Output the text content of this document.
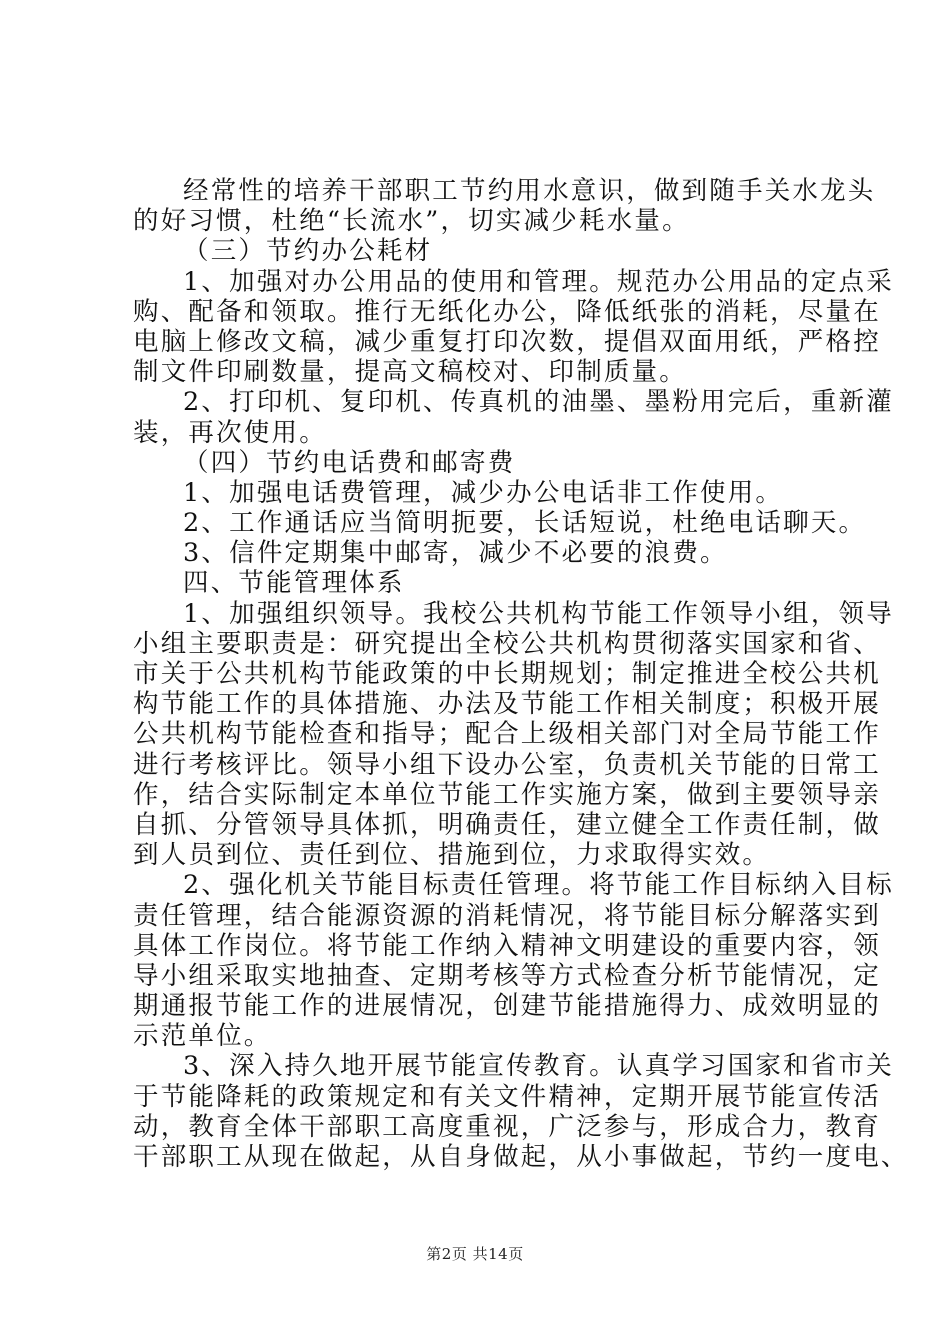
经常性的培养干部职工节约用水意识，做到随手关水龙头
的好习惯，杜绝“长流水”，切实减少耗水量。
（三）节约办公耗材
1、加强对办公用品的使用和管理。规范办公用品的定点采
购、配备和领取。推行无纸化办公，降低纸张的消耗，尽量在
电脑上修改文稿，减少重复打印次数，提倡双面用纸，严格控
制文件印刷数量，提高文稿校对、印制质量。
2、打印机、复印机、传真机的油墨、墨粉用完后，重新灌
装，再次使用。
（四）节约电话费和邮寄费
1、加强电话费管理，减少办公电话非工作使用。
2、工作通话应当简明扼要，长话短说，杜绝电话聊天。
3、信件定期集中邮寄，减少不必要的浪费。
四、节能管理体系
1、加强组织领导。我校公共机构节能工作领导小组，领导
小组主要职责是：研究提出全校公共机构贯彻落实国家和省、
市关于公共机构节能政策的中长期规划；制定推进全校公共机
构节能工作的具体措施、办法及节能工作相关制度；积极开展
公共机构节能检查和指导；配合上级相关部门对全局节能工作
进行考核评比。领导小组下设办公室，负责机关节能的日常工
作，结合实际制定本单位节能工作实施方案，做到主要领导亲
自抓、分管领导具体抓，明确责任，建立健全工作责任制，做
到人员到位、责任到位、措施到位，力求取得实效。
2、强化机关节能目标责任管理。将节能工作目标纳入目标
责任管理，结合能源资源的消耗情况，将节能目标分解落实到
具体工作岗位。将节能工作纳入精神文明建设的重要内容，领
导小组采取实地抽查、定期考核等方式检查分析节能情况，定
期通报节能工作的进展情况，创建节能措施得力、成效明显的
示范单位。
3、深入持久地开展节能宣传教育。认真学习国家和省市关
于节能降耗的政策规定和有关文件精神，定期开展节能宣传活
动，教育全体干部职工高度重视，广泛参与，形成合力，教育
干部职工从现在做起，从自身做起，从小事做起，节约一度电、
第2页 共14页
